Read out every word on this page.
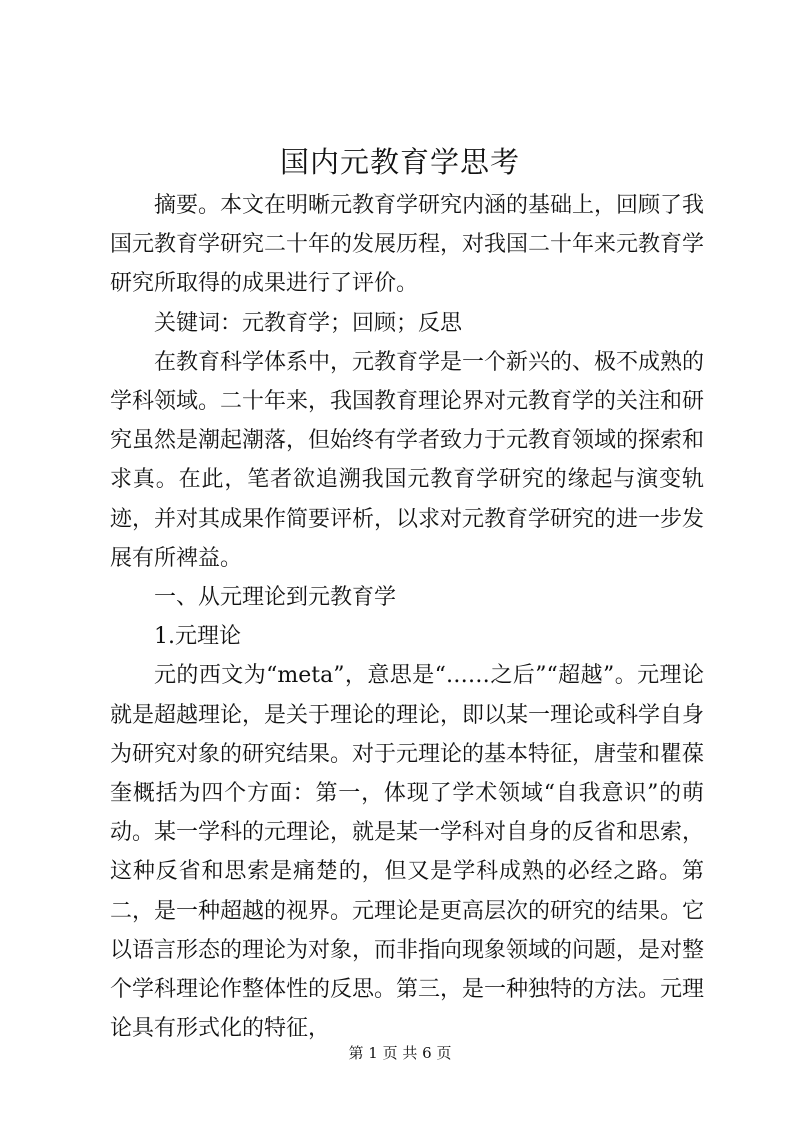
国内元教育学思考

摘要。本文在明晰元教育学研究内涵的基础上，回顾了我国元教育学研究二十年的发展历程，对我国二十年来元教育学研究所取得的成果进行了评价。

关键词：元教育学；回顾；反思

在教育科学体系中，元教育学是一个新兴的、极不成熟的学科领域。二十年来，我国教育理论界对元教育学的关注和研究虽然是潮起潮落，但始终有学者致力于元教育领域的探索和求真。在此，笔者欲追溯我国元教育学研究的缘起与演变轨迹，并对其成果作简要评析，以求对元教育学研究的进一步发展有所裨益。

一、从元理论到元教育学

1.元理论

元的西文为“meta”，意思是“……之后”“超越”。元理论就是超越理论，是关于理论的理论，即以某一理论或科学自身为研究对象的研究结果。对于元理论的基本特征，唐莹和瞿葆奎概括为四个方面：第一，体现了学术领域“自我意识”的萌动。某一学科的元理论，就是某一学科对自身的反省和思索，这种反省和思索是痛楚的，但又是学科成熟的必经之路。第二，是一种超越的视界。元理论是更高层次的研究的结果。它以语言形态的理论为对象，而非指向现象领域的问题，是对整个学科理论作整体性的反思。第三，是一种独特的方法。元理论具有形式化的特征，

第 1 页 共 6 页
